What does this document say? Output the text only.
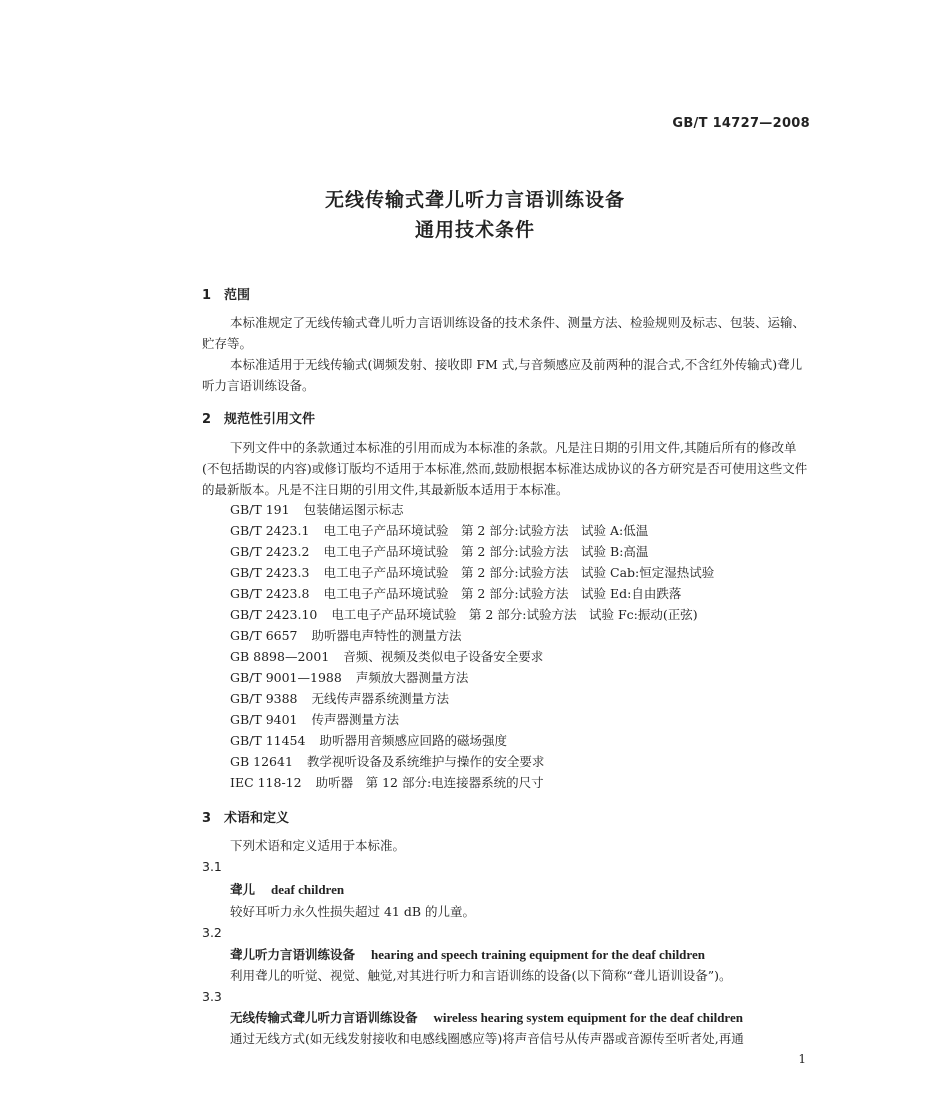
GB/T 14727—2008
无线传输式聋儿听力言语训练设备
通用技术条件
1 范围
本标准规定了无线传输式聋儿听力言语训练设备的技术条件、测量方法、检验规则及标志、包装、运输、贮存等。
本标准适用于无线传输式(调频发射、接收即 FM 式,与音频感应及前两种的混合式,不含红外传输式)聋儿听力言语训练设备。
2 规范性引用文件
下列文件中的条款通过本标准的引用而成为本标准的条款。凡是注日期的引用文件,其随后所有的修改单(不包括勘误的内容)或修订版均不适用于本标准,然而,鼓励根据本标准达成协议的各方研究是否可使用这些文件的最新版本。凡是不注日期的引用文件,其最新版本适用于本标准。
GB/T 191 包装储运图示标志
GB/T 2423.1 电工电子产品环境试验　第 2 部分:试验方法　试验 A:低温
GB/T 2423.2 电工电子产品环境试验　第 2 部分:试验方法　试验 B:高温
GB/T 2423.3 电工电子产品环境试验　第 2 部分:试验方法　试验 Cab:恒定湿热试验
GB/T 2423.8 电工电子产品环境试验　第 2 部分:试验方法　试验 Ed:自由跌落
GB/T 2423.10 电工电子产品环境试验　第 2 部分:试验方法　试验 Fc:振动(正弦)
GB/T 6657 助听器电声特性的测量方法
GB 8898—2001 音频、视频及类似电子设备安全要求
GB/T 9001—1988 声频放大器测量方法
GB/T 9388 无线传声器系统测量方法
GB/T 9401 传声器测量方法
GB/T 11454 助听器用音频感应回路的磁场强度
GB 12641 教学视听设备及系统维护与操作的安全要求
IEC 118-12 助听器　第 12 部分:电连接器系统的尺寸
3 术语和定义
下列术语和定义适用于本标准。
3.1
聋儿 deaf children
较好耳听力永久性损失超过 41 dB 的儿童。
3.2
聋儿听力言语训练设备 hearing and speech training equipment for the deaf children
利用聋儿的听觉、视觉、触觉,对其进行听力和言语训练的设备(以下简称“聋儿语训设备”)。
3.3
无线传输式聋儿听力言语训练设备 wireless hearing system equipment for the deaf children
通过无线方式(如无线发射接收和电感线圈感应等)将声音信号从传声器或音源传至听者处,再通
1
